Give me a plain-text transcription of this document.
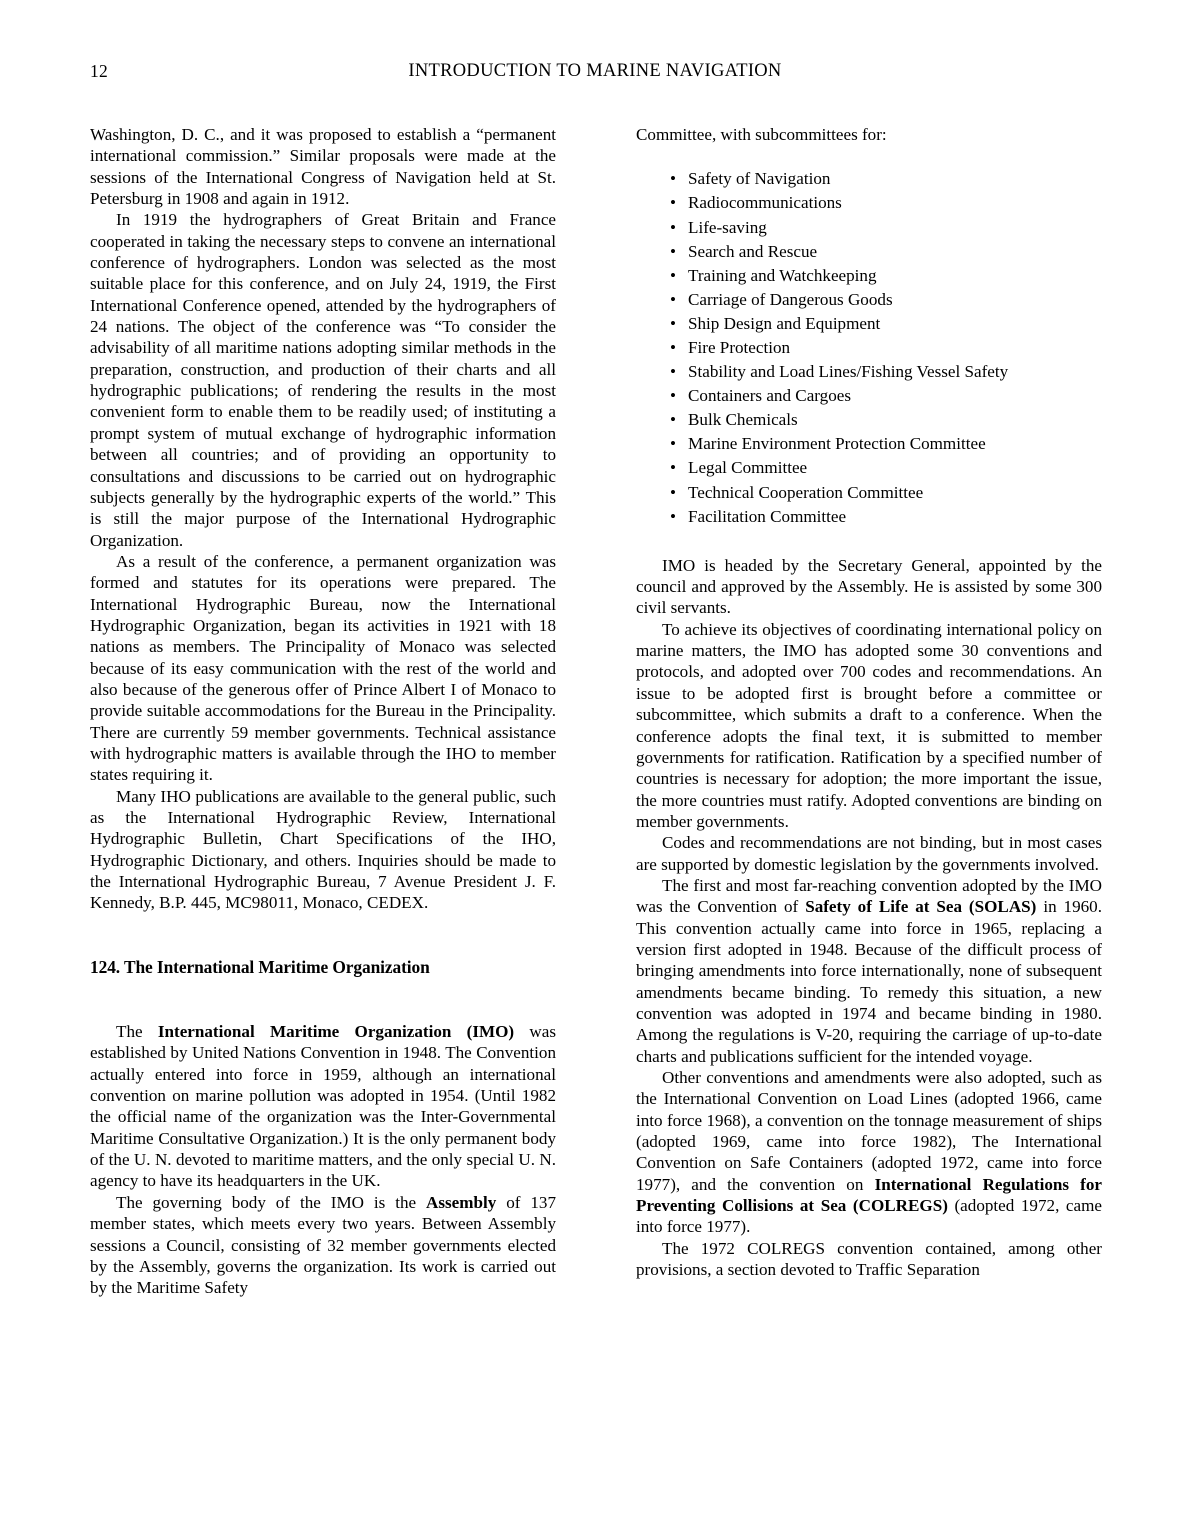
12	INTRODUCTION TO MARINE NAVIGATION

Washington, D. C., and it was proposed to establish a “permanent international commission.” Similar proposals were made at the sessions of the International Congress of Navigation held at St. Petersburg in 1908 and again in 1912.

In 1919 the hydrographers of Great Britain and France cooperated in taking the necessary steps to convene an international conference of hydrographers. London was selected as the most suitable place for this conference, and on July 24, 1919, the First International Conference opened, attended by the hydrographers of 24 nations. The object of the conference was “To consider the advisability of all maritime nations adopting similar methods in the preparation, construction, and production of their charts and all hydrographic publications; of rendering the results in the most convenient form to enable them to be readily used; of instituting a prompt system of mutual exchange of hydrographic information between all countries; and of providing an opportunity to consultations and discussions to be carried out on hydrographic subjects generally by the hydrographic experts of the world.” This is still the major purpose of the International Hydrographic Organization.

As a result of the conference, a permanent organization was formed and statutes for its operations were prepared. The International Hydrographic Bureau, now the International Hydrographic Organization, began its activities in 1921 with 18 nations as members. The Principality of Monaco was selected because of its easy communication with the rest of the world and also because of the generous offer of Prince Albert I of Monaco to provide suitable accommodations for the Bureau in the Principality. There are currently 59 member governments. Technical assistance with hydrographic matters is available through the IHO to member states requiring it.

Many IHO publications are available to the general public, such as the International Hydrographic Review, International Hydrographic Bulletin, Chart Specifications of the IHO, Hydrographic Dictionary, and others. Inquiries should be made to the International Hydrographic Bureau, 7 Avenue President J. F. Kennedy, B.P. 445, MC98011, Monaco, CEDEX.

124. The International Maritime Organization

The International Maritime Organization (IMO) was established by United Nations Convention in 1948. The Convention actually entered into force in 1959, although an international convention on marine pollution was adopted in 1954. (Until 1982 the official name of the organization was the Inter-Governmental Maritime Consultative Organization.) It is the only permanent body of the U. N. devoted to maritime matters, and the only special U. N. agency to have its headquarters in the UK.

The governing body of the IMO is the Assembly of 137 member states, which meets every two years. Between Assembly sessions a Council, consisting of 32 member governments elected by the Assembly, governs the organization. Its work is carried out by the Maritime Safety

Committee, with subcommittees for:

• Safety of Navigation
• Radiocommunications
• Life-saving
• Search and Rescue
• Training and Watchkeeping
• Carriage of Dangerous Goods
• Ship Design and Equipment
• Fire Protection
• Stability and Load Lines/Fishing Vessel Safety
• Containers and Cargoes
• Bulk Chemicals
• Marine Environment Protection Committee
• Legal Committee
• Technical Cooperation Committee
• Facilitation Committee

IMO is headed by the Secretary General, appointed by the council and approved by the Assembly. He is assisted by some 300 civil servants.

To achieve its objectives of coordinating international policy on marine matters, the IMO has adopted some 30 conventions and protocols, and adopted over 700 codes and recommendations. An issue to be adopted first is brought before a committee or subcommittee, which submits a draft to a conference. When the conference adopts the final text, it is submitted to member governments for ratification. Ratification by a specified number of countries is necessary for adoption; the more important the issue, the more countries must ratify. Adopted conventions are binding on member governments.

Codes and recommendations are not binding, but in most cases are supported by domestic legislation by the governments involved.

The first and most far-reaching convention adopted by the IMO was the Convention of Safety of Life at Sea (SOLAS) in 1960. This convention actually came into force in 1965, replacing a version first adopted in 1948. Because of the difficult process of bringing amendments into force internationally, none of subsequent amendments became binding. To remedy this situation, a new convention was adopted in 1974 and became binding in 1980. Among the regulations is V-20, requiring the carriage of up-to-date charts and publications sufficient for the intended voyage.

Other conventions and amendments were also adopted, such as the International Convention on Load Lines (adopted 1966, came into force 1968), a convention on the tonnage measurement of ships (adopted 1969, came into force 1982), The International Convention on Safe Containers (adopted 1972, came into force 1977), and the convention on International Regulations for Preventing Collisions at Sea (COLREGS) (adopted 1972, came into force 1977).

The 1972 COLREGS convention contained, among other provisions, a section devoted to Traffic Separation
